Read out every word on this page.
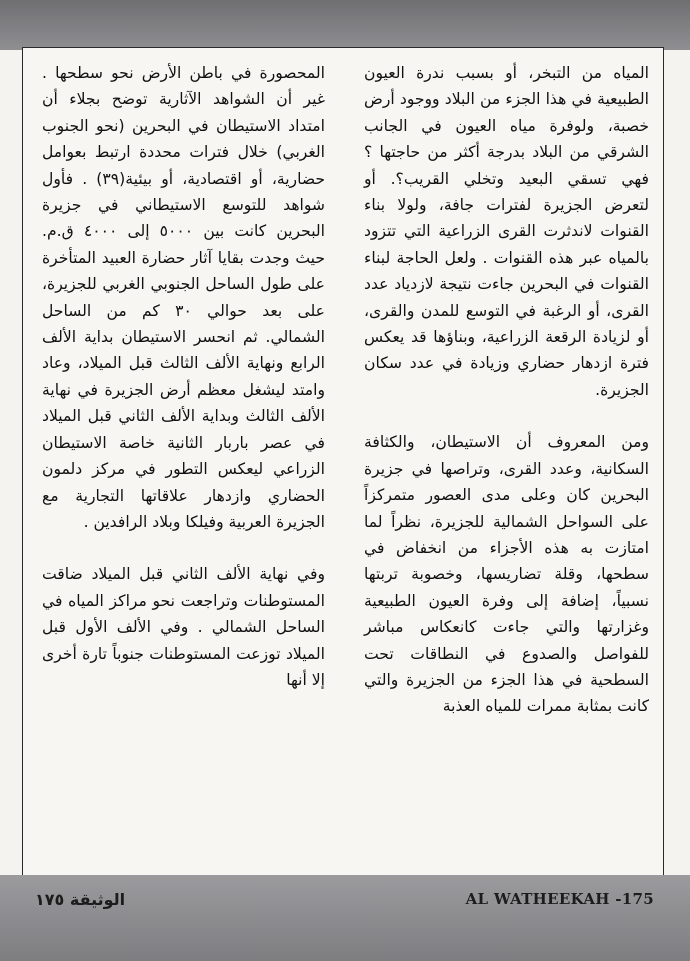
المياه من التبخر، أو بسبب ندرة العيون الطبيعية في هذا الجزء من البلاد ووجود أرض خصبة، ولوفرة مياه العيون في الجانب الشرقي من البلاد بدرجة أكثر من حاجتها ؟ فهي تسقي البعيد وتخلي القريب؟. أو لتعرض الجزيرة لفترات جافة، ولولا بناء القنوات لاندثرت القرى الزراعية التي تتزود بالمياه عبر هذه القنوات . ولعل الحاجة لبناء القنوات في البحرين جاءت نتيجة لازدياد عدد القرى، أو الرغبة في التوسع للمدن والقرى، أو لزيادة الرقعة الزراعية، وبناؤها قد يعكس فترة ازدهار حضاري وزيادة في عدد سكان الجزيرة.

ومن المعروف أن الاستيطان، والكثافة السكانية، وعدد القرى، وتراصها في جزيرة البحرين كان وعلى مدى العصور متمركزاً على السواحل الشمالية للجزيرة، نظراً لما امتازت به هذه الأجزاء من انخفاض في سطحها، وقلة تضاريسها، وخصوبة تربتها نسبياً، إضافة إلى وفرة العيون الطبيعية وغزارتها والتي جاءت كانعكاس مباشر للفواصل والصدوع في النطاقات تحت السطحية في هذا الجزء من الجزيرة والتي كانت بمثابة ممرات للمياه العذبة

المحصورة في باطن الأرض نحو سطحها . غير أن الشواهد الآثارية توضح بجلاء أن امتداد الاستيطان في البحرين (نحو الجنوب الغربي) خلال فترات محددة ارتبط بعوامل حضارية، أو اقتصادية، أو بيئية(٣٩) . فأول شواهد للتوسع الاستيطاني في جزيرة البحرين كانت بين ٥٠٠٠ إلى ٤٠٠٠ ق.م. حيث وجدت بقايا آثار حضارة العبيد المتأخرة على طول الساحل الجنوبي الغربي للجزيرة، على بعد حوالي ٣٠ كم من الساحل الشمالي. ثم انحسر الاستيطان بداية الألف الرابع ونهاية الألف الثالث قبل الميلاد، وعاد وامتد ليشغل معظم أرض الجزيرة في نهاية الألف الثالث وبداية الألف الثاني قبل الميلاد في عصر باربار الثانية خاصة الاستيطان الزراعي ليعكس التطور في مركز دلمون الحضاري وازدهار علاقاتها التجارية مع الجزيرة العربية وفيلكا وبلاد الرافدين .

وفي نهاية الألف الثاني قبل الميلاد ضاقت المستوطنات وتراجعت نحو مراكز المياه في الساحل الشمالي . وفي الألف الأول قبل الميلاد توزعت المستوطنات جنوباً تارة أخرى إلا أنها

الوثيقة ١٧٥	AL WATHEEKAH -175
